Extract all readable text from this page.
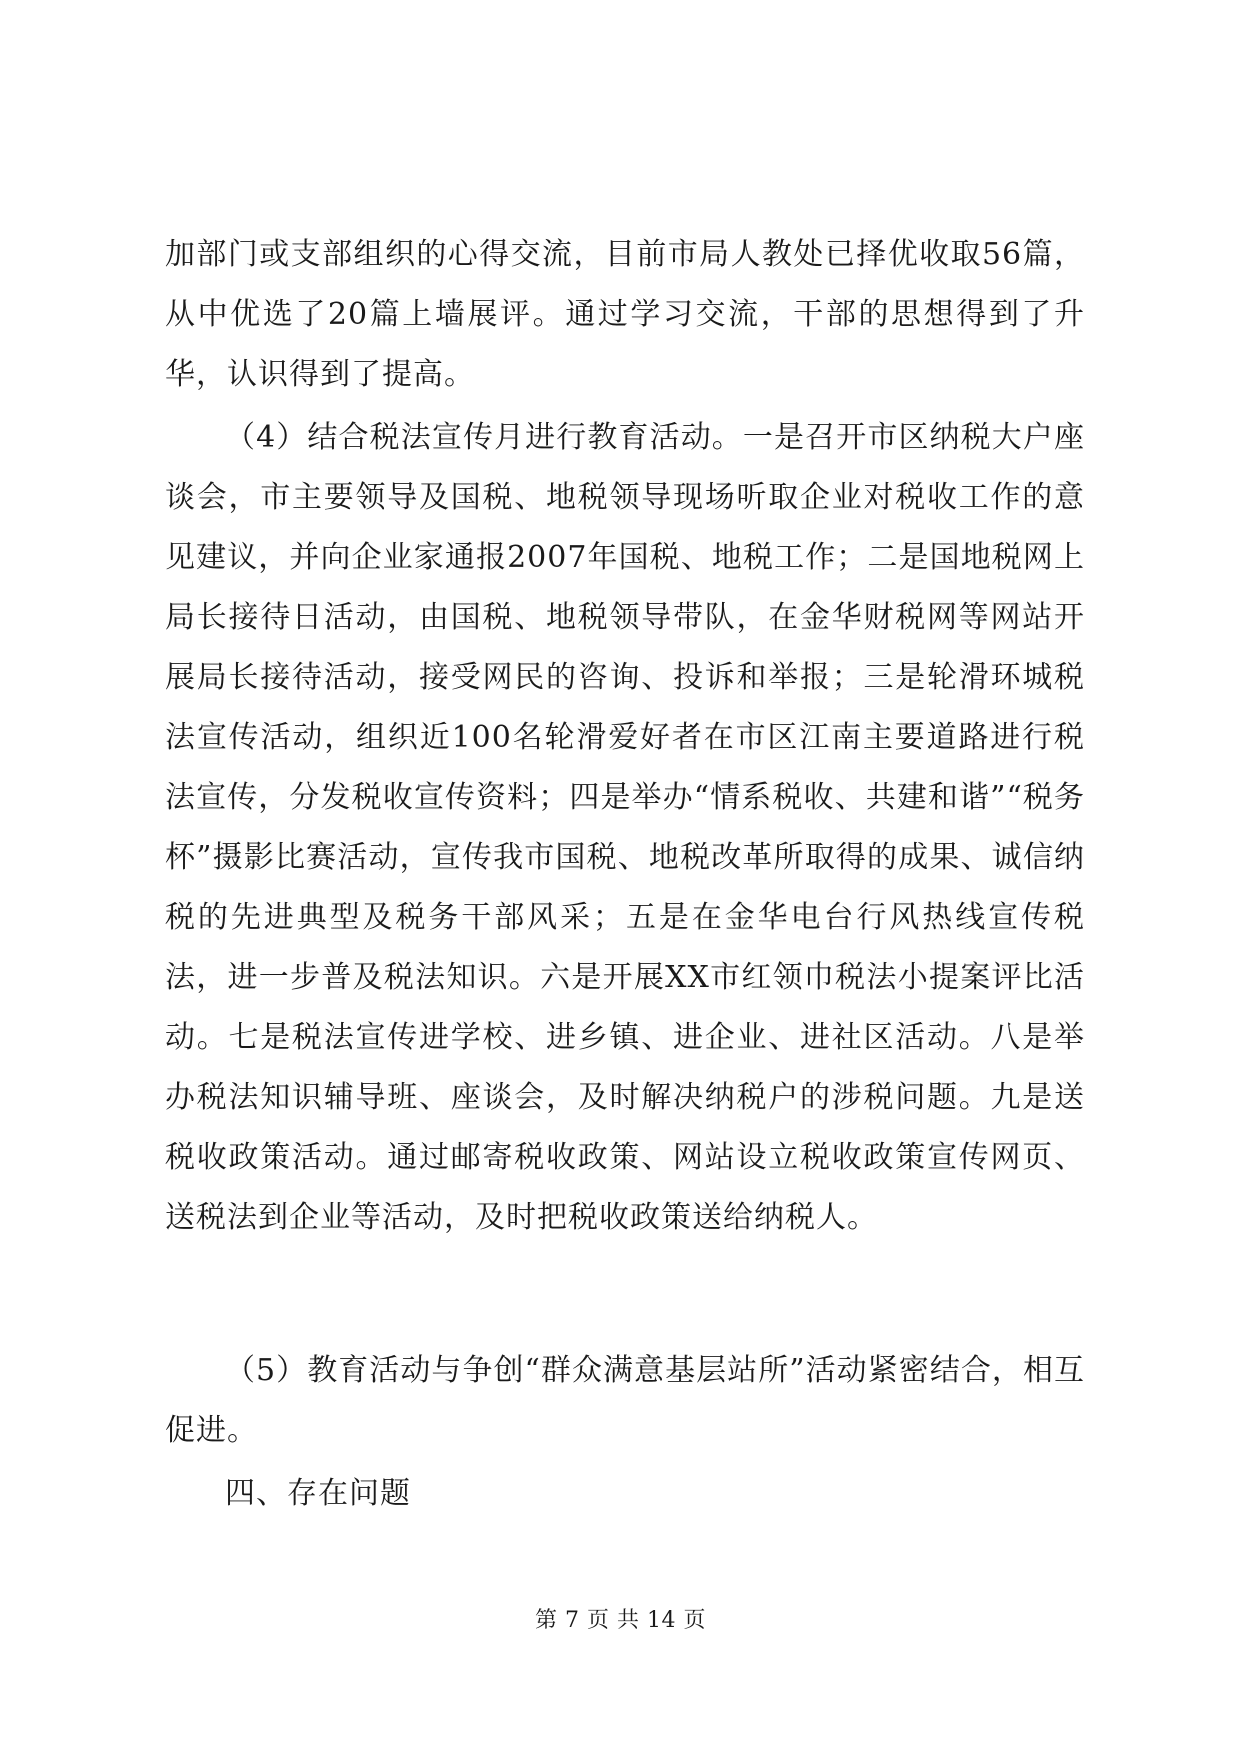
加部门或支部组织的心得交流，目前市局人教处已择优收取56篇，从中优选了20篇上墙展评。通过学习交流，干部的思想得到了升华，认识得到了提高。

（4）结合税法宣传月进行教育活动。一是召开市区纳税大户座谈会，市主要领导及国税、地税领导现场听取企业对税收工作的意见建议，并向企业家通报2007年国税、地税工作；二是国地税网上局长接待日活动，由国税、地税领导带队，在金华财税网等网站开展局长接待活动，接受网民的咨询、投诉和举报；三是轮滑环城税法宣传活动，组织近100名轮滑爱好者在市区江南主要道路进行税法宣传，分发税收宣传资料；四是举办“情系税收、共建和谐”“税务杯”摄影比赛活动，宣传我市国税、地税改革所取得的成果、诚信纳税的先进典型及税务干部风采；五是在金华电台行风热线宣传税法，进一步普及税法知识。六是开展XX市红领巾税法小提案评比活动。七是税法宣传进学校、进乡镇、进企业、进社区活动。八是举办税法知识辅导班、座谈会，及时解决纳税户的涉税问题。九是送税收政策活动。通过邮寄税收政策、网站设立税收政策宣传网页、送税法到企业等活动，及时把税收政策送给纳税人。

（5）教育活动与争创“群众满意基层站所”活动紧密结合，相互促进。

四、存在问题

第 7 页 共 14 页
